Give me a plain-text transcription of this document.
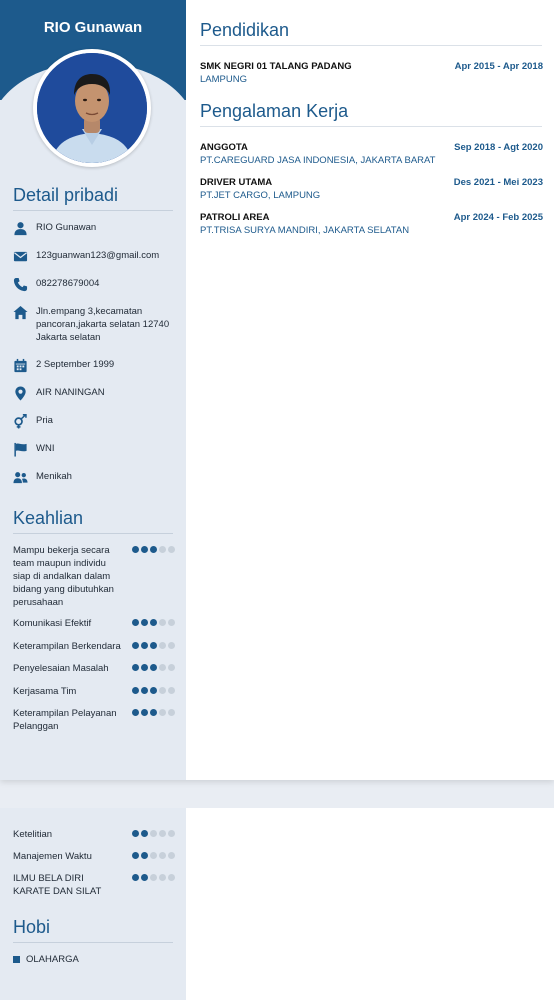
RIO Gunawan
Detail pribadi
RIO Gunawan
123guanwan123@gmail.com
082278679004
Jln.empang 3,kecamatan pancoran,jakarta selatan 12740 Jakarta selatan
2 September 1999
AIR NANINGAN
Pria
WNI
Menikah
Keahlian
Mampu bekerja secara team maupun individu siap di andalkan dalam bidang yang dibutuhkan perusahaan
Komunikasi Efektif
Keterampilan Berkendara
Penyelesaian Masalah
Kerjasama Tim
Keterampilan Pelayanan Pelanggan
Pendidikan
SMK NEGRI 01 TALANG PADANG	Apr 2015 - Apr 2018
LAMPUNG
Pengalaman Kerja
ANGGOTA	Sep 2018 - Agt 2020
PT.CAREGUARD JASA INDONESIA, JAKARTA BARAT
DRIVER UTAMA	Des 2021 - Mei 2023
PT.JET CARGO, LAMPUNG
PATROLI AREA	Apr 2024 - Feb 2025
PT.TRISA SURYA MANDIRI, JAKARTA SELATAN
Ketelitian
Manajemen Waktu
ILMU BELA DIRI KARATE DAN SILAT
Hobi
OLAHARGA
